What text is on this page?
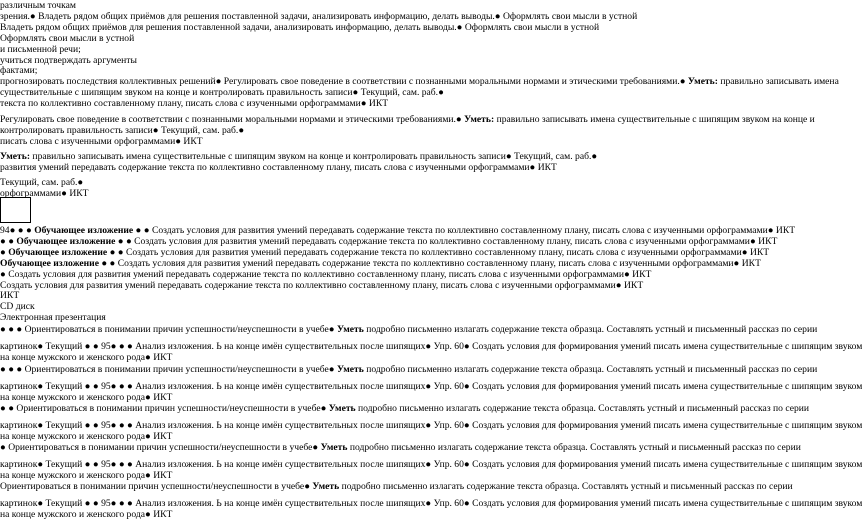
различным точкам
зрения.● Владеть рядом общих приёмов для решения поставленной задачи, анализировать информацию, делать выводы.● Оформлять свои мысли в устной
Владеть рядом общих приёмов для решения поставленной задачи, анализировать информацию, делать выводы.● Оформлять свои мысли в устной
Оформлять свои мысли в устной
и письменной речи;
учиться подтверждать аргументы
фактами;
прогнозировать последствия коллективных решений● Регулировать свое поведение в соответствии с познанными моральными нормами и этическими требованиями.● Уметь: правильно записывать имена
существительные с шипящим звуком на конце и контролировать правильность записи● Текущий, сам. раб.●
текста по коллективно составленному плану, писать слова с изученными орфограммами● ИКТ
Регулировать свое поведение в соответствии с познанными моральными нормами и этическими требованиями.● Уметь: правильно записывать имена существительные с шипящим звуком на конце и
контролировать правильность записи● Текущий, сам. раб.●
писать слова с изученными орфограммами● ИКТ
Уметь: правильно записывать имена существительные с шипящим звуком на конце и контролировать правильность записи● Текущий, сам. раб.●
развития умений передавать содержание текста по коллективно составленному плану, писать слова с изученными орфограммами● ИКТ
Текущий, сам. раб.●
орфограммами● ИКТ
94● ● ● Обучающее изложение ● ● Создать условия для развития умений передавать содержание текста по коллективно составленному плану, писать слова с изученными орфограммами● ИКТ
● ● Обучающее изложение ● ● Создать условия для развития умений передавать содержание текста по коллективно составленному плану, писать слова с изученными орфограммами● ИКТ
● Обучающее изложение ● ● Создать условия для развития умений передавать содержание текста по коллективно составленному плану, писать слова с изученными орфограммами● ИКТ
Обучающее изложение ● ● Создать условия для развития умений передавать содержание текста по коллективно составленному плану, писать слова с изученными орфограммами● ИКТ
● Создать условия для развития умений передавать содержание текста по коллективно составленному плану, писать слова с изученными орфограммами● ИКТ
Создать условия для развития умений передавать содержание текста по коллективно составленному плану, писать слова с изученными орфограммами● ИКТ
ИКТ
CD диск
Электронная презентация
● ● ● Ориентироваться в понимании причин успешности/неуспешности в учебе● Уметь подробно письменно излагать содержание текста образца. Составлять устный и письменный рассказ по серии
картинок● Текущий ● ● 95● ● ● Анализ изложения. Ь на конце имён существительных после шипящих● Упр. 60● Создать условия для формирования умений писать имена существительные с шипящим звуком
на конце мужского и женского рода● ИКТ
● ● ● Ориентироваться в понимании причин успешности/неуспешности в учебе● Уметь подробно письменно излагать содержание текста образца. Составлять устный и письменный рассказ по серии
картинок● Текущий ● ● 95● ● ● Анализ изложения. Ь на конце имён существительных после шипящих● Упр. 60● Создать условия для формирования умений писать имена существительные с шипящим звуком
на конце мужского и женского рода● ИКТ
● ● Ориентироваться в понимании причин успешности/неуспешности в учебе● Уметь подробно письменно излагать содержание текста образца. Составлять устный и письменный рассказ по серии
картинок● Текущий ● ● 95● ● ● Анализ изложения. Ь на конце имён существительных после шипящих● Упр. 60● Создать условия для формирования умений писать имена существительные с шипящим звуком
на конце мужского и женского рода● ИКТ
● Ориентироваться в понимании причин успешности/неуспешности в учебе● Уметь подробно письменно излагать содержание текста образца. Составлять устный и письменный рассказ по серии
картинок● Текущий ● ● 95● ● ● Анализ изложения. Ь на конце имён существительных после шипящих● Упр. 60● Создать условия для формирования умений писать имена существительные с шипящим звуком
на конце мужского и женского рода● ИКТ
Ориентироваться в понимании причин успешности/неуспешности в учебе● Уметь подробно письменно излагать содержание текста образца. Составлять устный и письменный рассказ по серии
картинок● Текущий ● ● 95● ● ● Анализ изложения. Ь на конце имён существительных после шипящих● Упр. 60● Создать условия для формирования умений писать имена существительные с шипящим звуком
на конце мужского и женского рода● ИКТ
